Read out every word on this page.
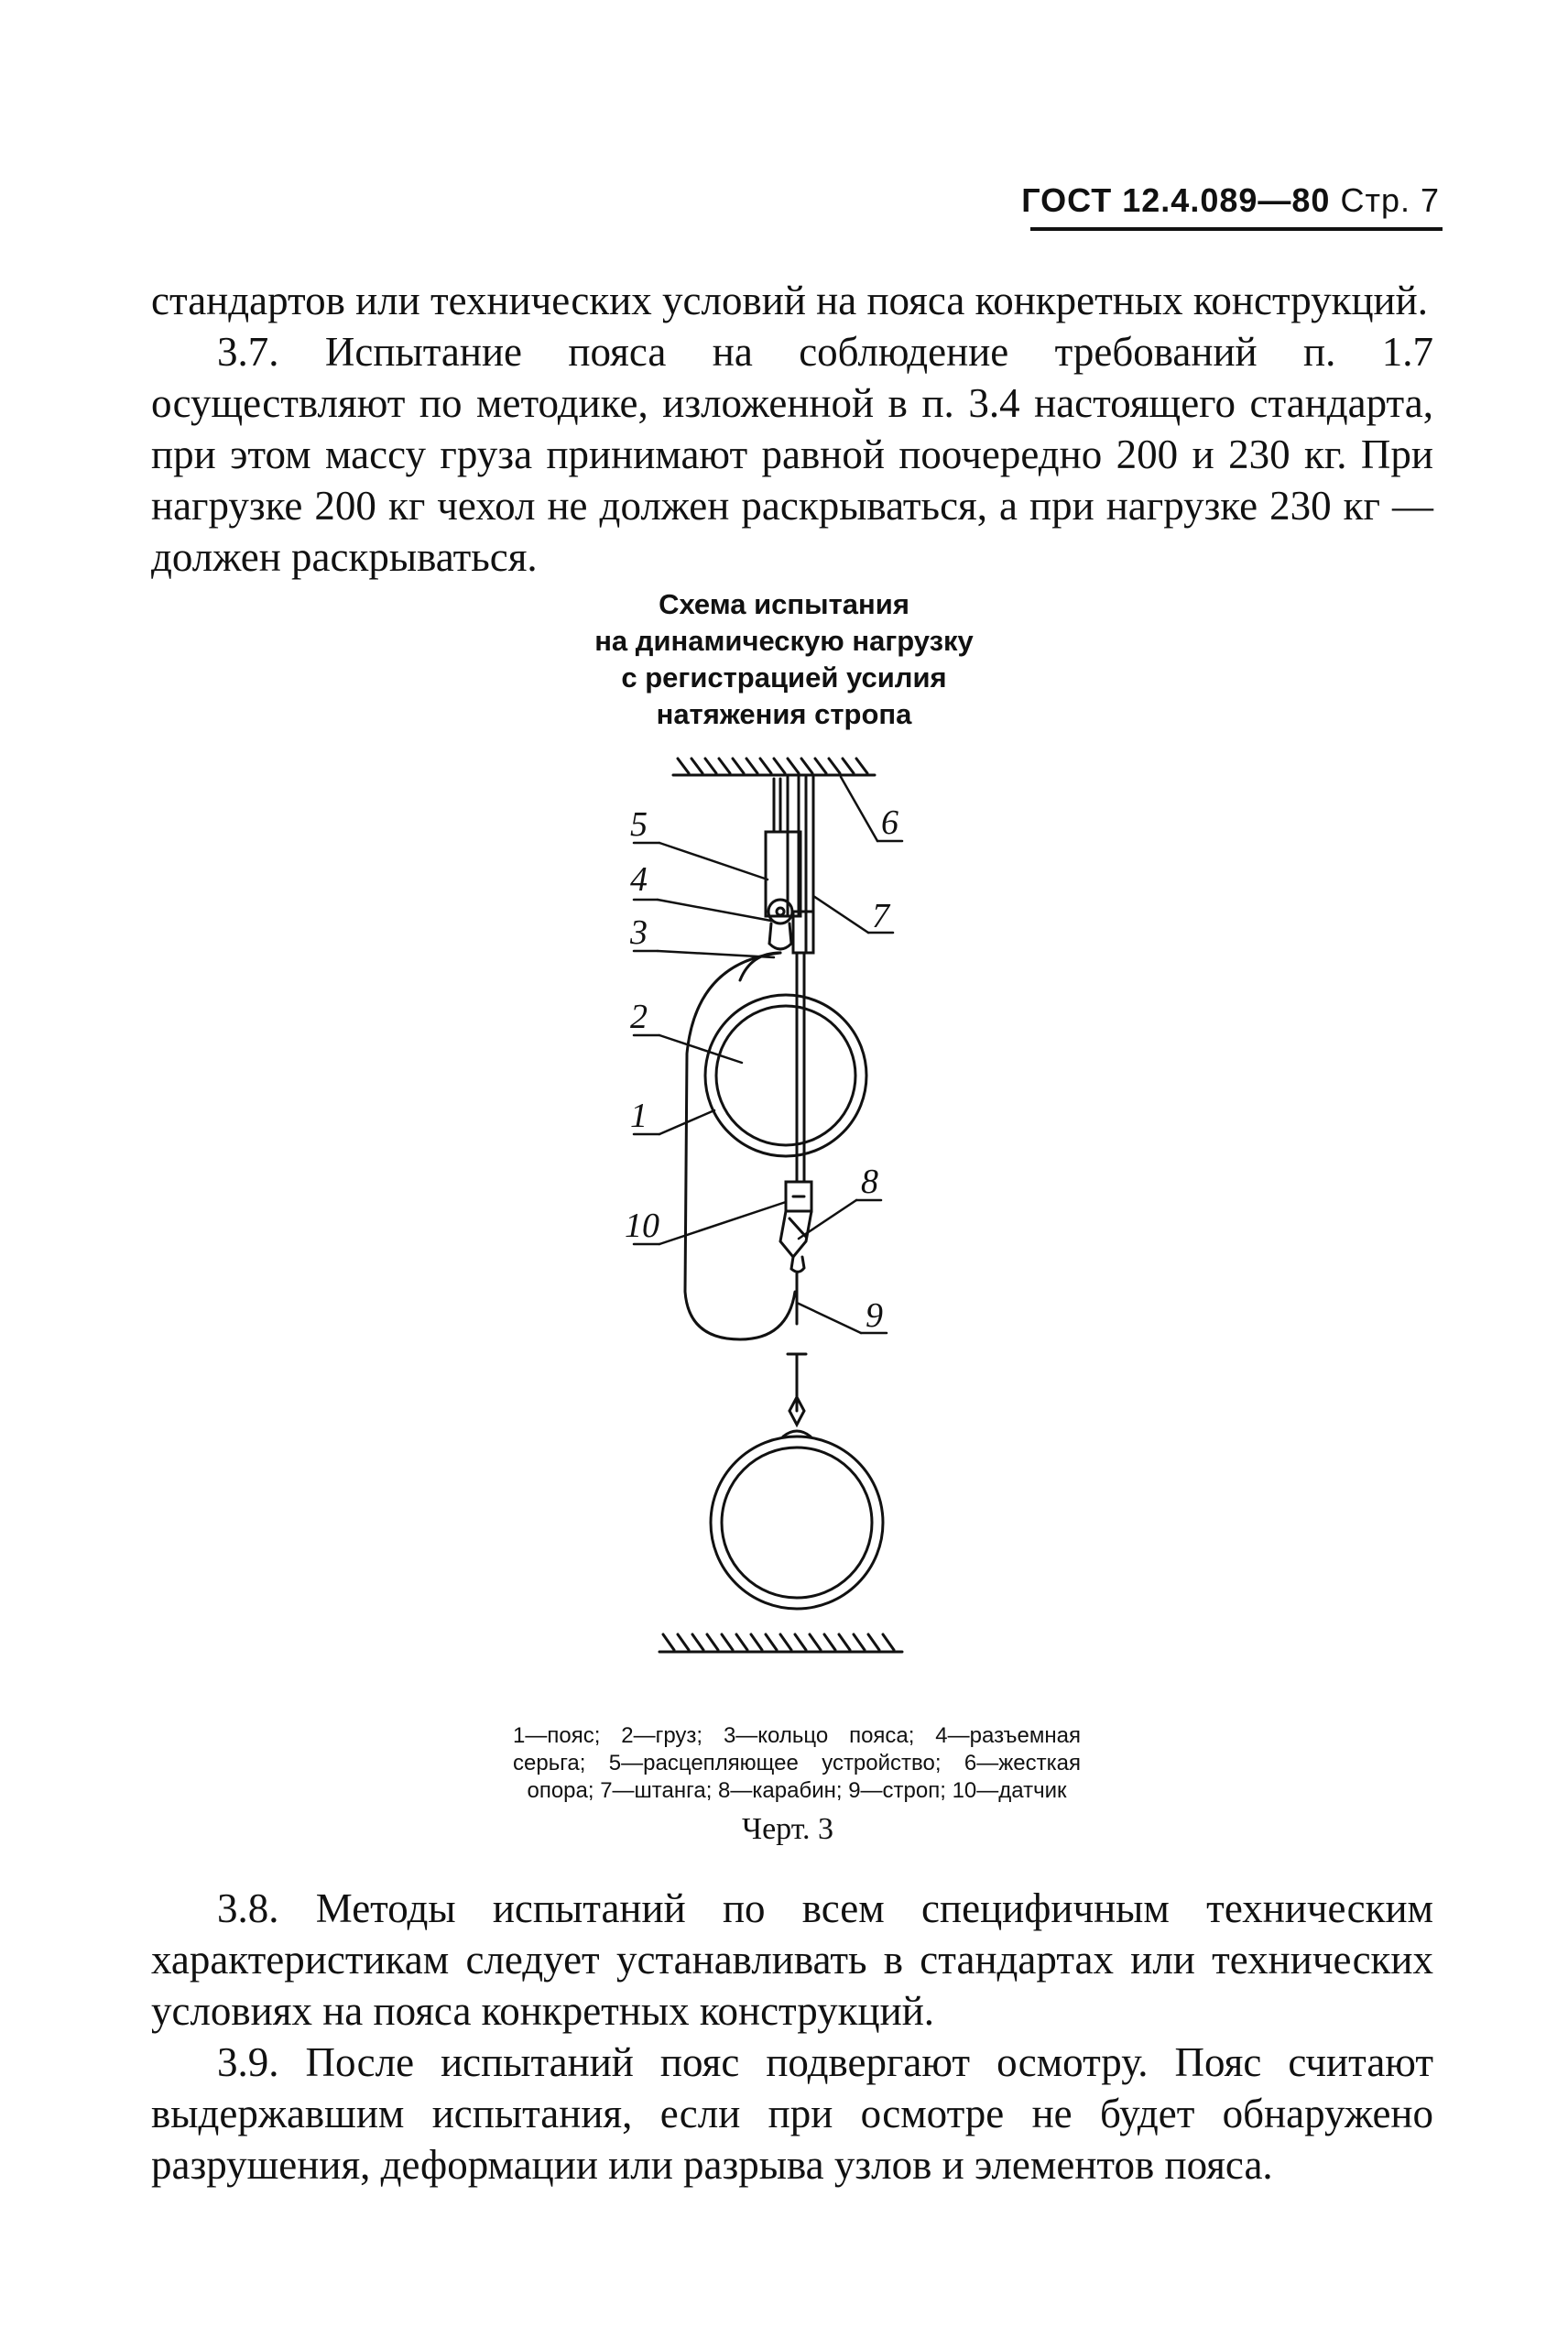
ГОСТ 12.4.089—80 Стр. 7

стандартов или технических условий на пояса конкретных конструкций.

3.7. Испытание пояса на соблюдение требований п. 1.7 осуществляют по методике, изложенной в п. 3.4 настоящего стандарта, при этом массу груза принимают равной поочередно 200 и 230 кг. При нагрузке 200 кг чехол не должен раскрываться, а при нагрузке 230 кг — должен раскрываться.

Схема испытания
на динамическую нагрузку
с регистрацией усилия
натяжения стропа
5
4
3
2
1
10
6
7
8
9
1—пояс; 2—груз; 3—кольцо пояса; 4—разъемная серьга; 5—расцепляющее устройство; 6—жесткая опора; 7—штанга; 8—карабин; 9—строп; 10—датчик
Черт. 3

3.8. Методы испытаний по всем специфичным техническим характеристикам следует устанавливать в стандартах или технических условиях на пояса конкретных конструкций.

3.9. После испытаний пояс подвергают осмотру. Пояс считают выдержавшим испытания, если при осмотре не будет обнаружено разрушения, деформации или разрыва узлов и элементов пояса.
